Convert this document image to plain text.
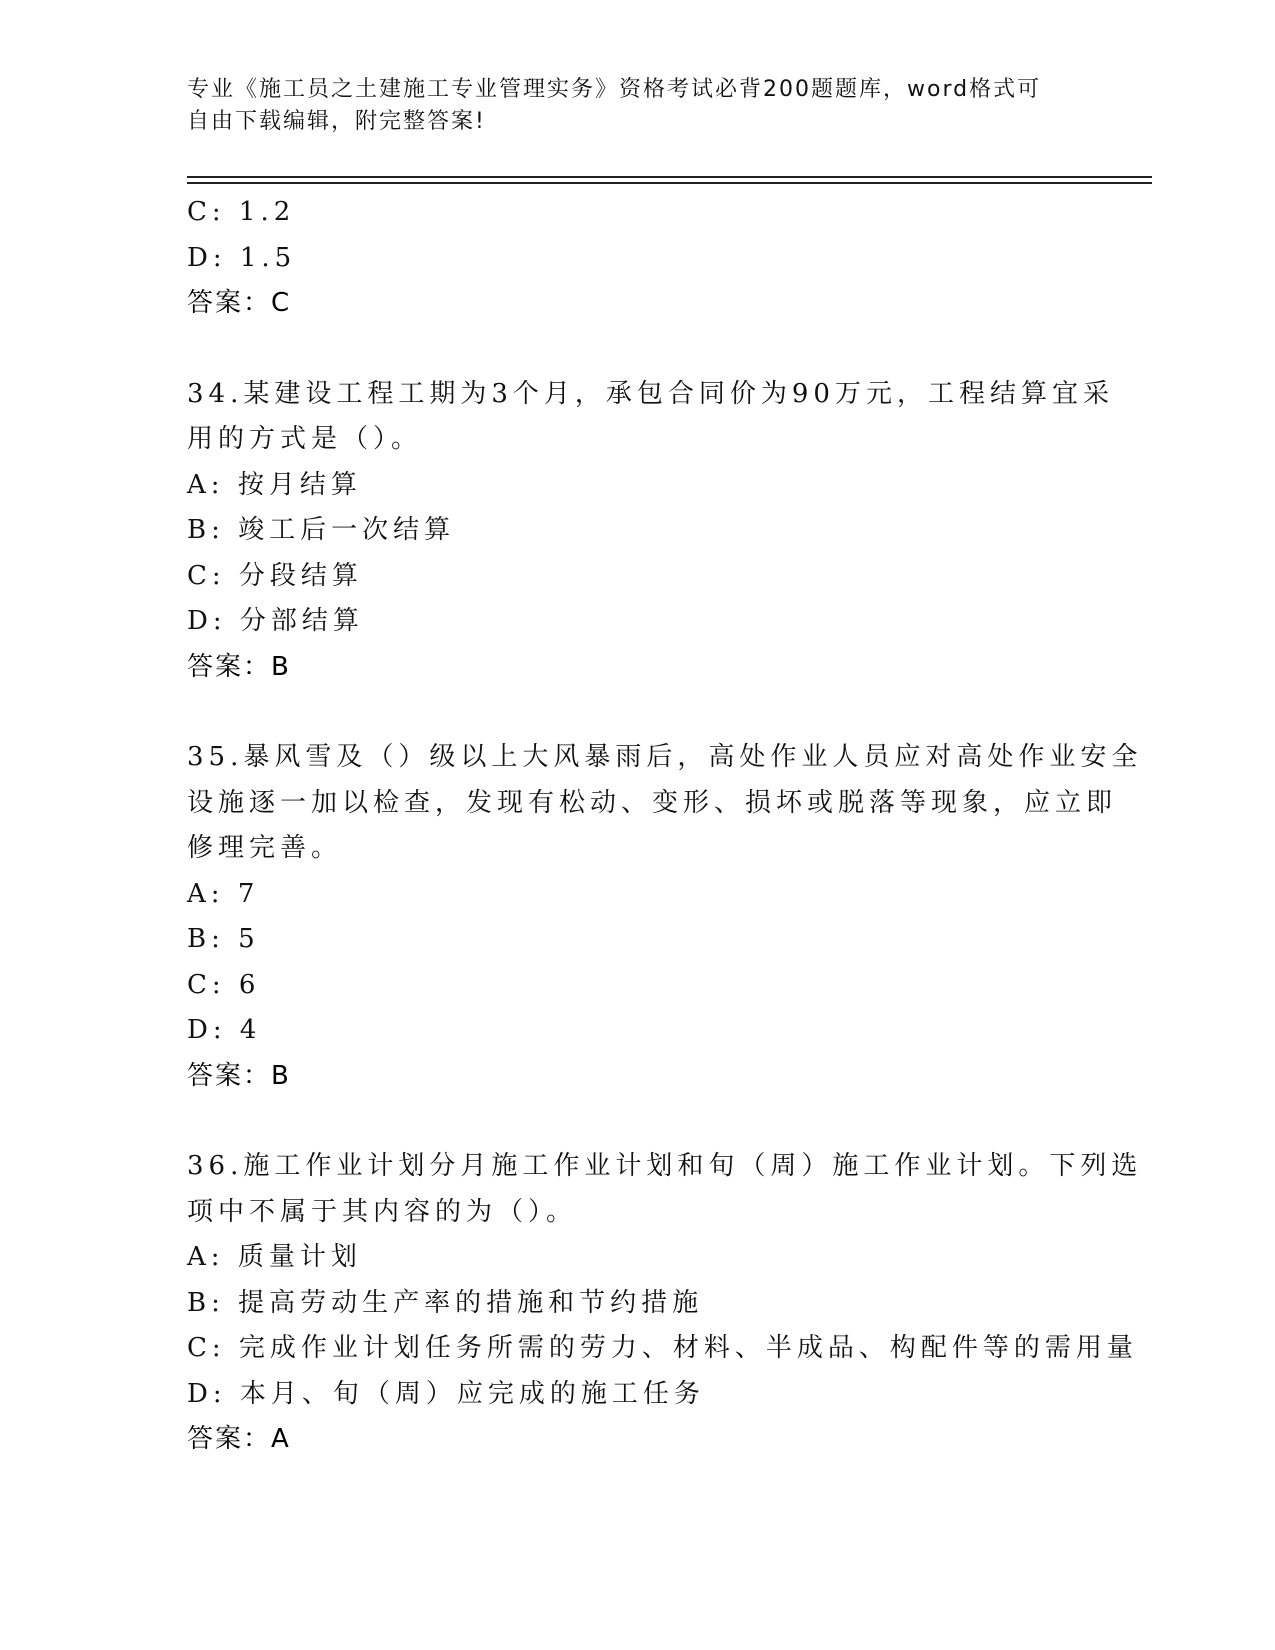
专业《施工员之土建施工专业管理实务》资格考试必背200题题库，word格式可
自由下载编辑，附完整答案!
C: 1.2
D: 1.5
答案：C
34.某建设工程工期为3个月，承包合同价为90万元，工程结算宜采
用的方式是（）。
A: 按月结算
B: 竣工后一次结算
C: 分段结算
D: 分部结算
答案：B
35.暴风雪及（）级以上大风暴雨后，高处作业人员应对高处作业安全
设施逐一加以检查，发现有松动、变形、损坏或脱落等现象，应立即
修理完善。
A: 7
B: 5
C: 6
D: 4
答案：B
36.施工作业计划分月施工作业计划和旬（周）施工作业计划。下列选
项中不属于其内容的为（）。
A: 质量计划
B: 提高劳动生产率的措施和节约措施
C: 完成作业计划任务所需的劳力、材料、半成品、构配件等的需用量
D: 本月、旬（周）应完成的施工任务
答案：A
